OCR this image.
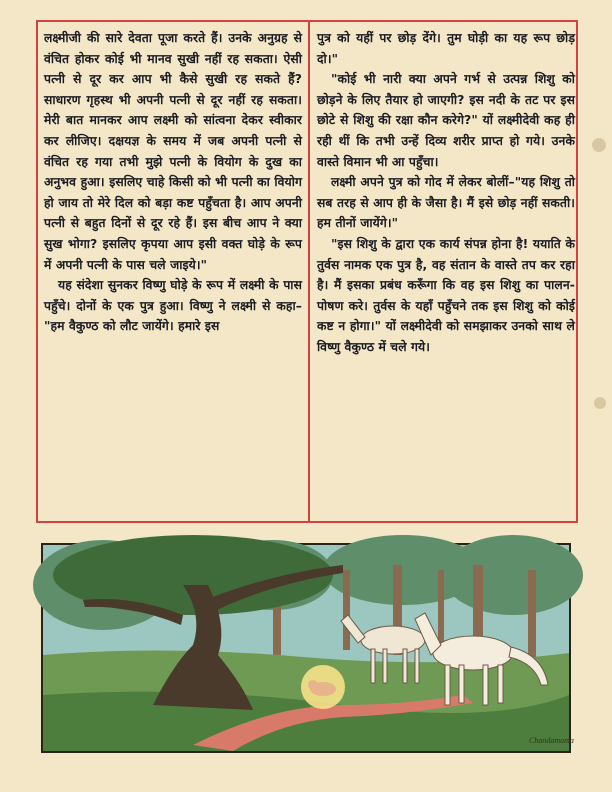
लक्ष्मीजी की सारे देवता पूजा करते हैं। उनके अनुग्रह से वंचित होकर कोई भी मानव सुखी नहीं रह सकता। ऐसी पत्नी से दूर कर आप भी कैसे सुखी रह सकते हैं? साधारण गृहस्थ भी अपनी पत्नी से दूर नहीं रह सकता। मेरी बात मानकर आप लक्ष्मी को सांत्वना देकर स्वीकार कर लीजिए। दक्षयज्ञ के समय में जब अपनी पत्नी से वंचित रह गया तभी मुझे पत्नी के वियोग के दुख का अनुभव हुआ। इसलिए चाहे किसी को भी पत्नी का वियोग हो जाय तो मेरे दिल को बड़ा कष्ट पहुँचता है। आप अपनी पत्नी से बहुत दिनों से दूर रहे हैं। इस बीच आप ने क्या सुख भोगा? इसलिए कृपया आप इसी वक्त घोड़े के रूप में अपनी पत्नी के पास चले जाइये।"

यह संदेशा सुनकर विष्णु घोड़े के रूप में लक्ष्मी के पास पहुँचे। दोनों के एक पुत्र हुआ। विष्णु ने लक्ष्मी से कहा– "हम वैकुण्ठ को लौट जायेंगे। हमारे इस

पुत्र को यहीं पर छोड़ देंगे। तुम घोड़ी का यह रूप छोड़ दो।"

"कोई भी नारी क्या अपने गर्भ से उत्पन्न शिशु को छोड़ने के लिए तैयार हो जाएगी? इस नदी के तट पर इस छोटे से शिशु की रक्षा कौन करेगे?" यों लक्ष्मीदेवी कह ही रही थीं कि तभी उन्हें दिव्य शरीर प्राप्त हो गये। उनके वास्ते विमान भी आ पहुँचा।

लक्ष्मी अपने पुत्र को गोद में लेकर बोलीं–"यह शिशु तो सब तरह से आप ही के जैसा है। मैं इसे छोड़ नहीं सकती। हम तीनों जायेंगे।"

"इस शिशु के द्वारा एक कार्य संपन्न होना है! ययाति के तुर्वस नामक एक पुत्र है, वह संतान के वास्ते तप कर रहा है। मैं इसका प्रबंध करूँगा कि वह इस शिशु का पालन-पोषण करे। तुर्वस के यहाँ पहुँचने तक इस शिशु को कोई कष्ट न होगा।" यों लक्ष्मीदेवी को समझाकर उनको साथ ले विष्णु वैकुण्ठ में चले गये।

Chandamama
